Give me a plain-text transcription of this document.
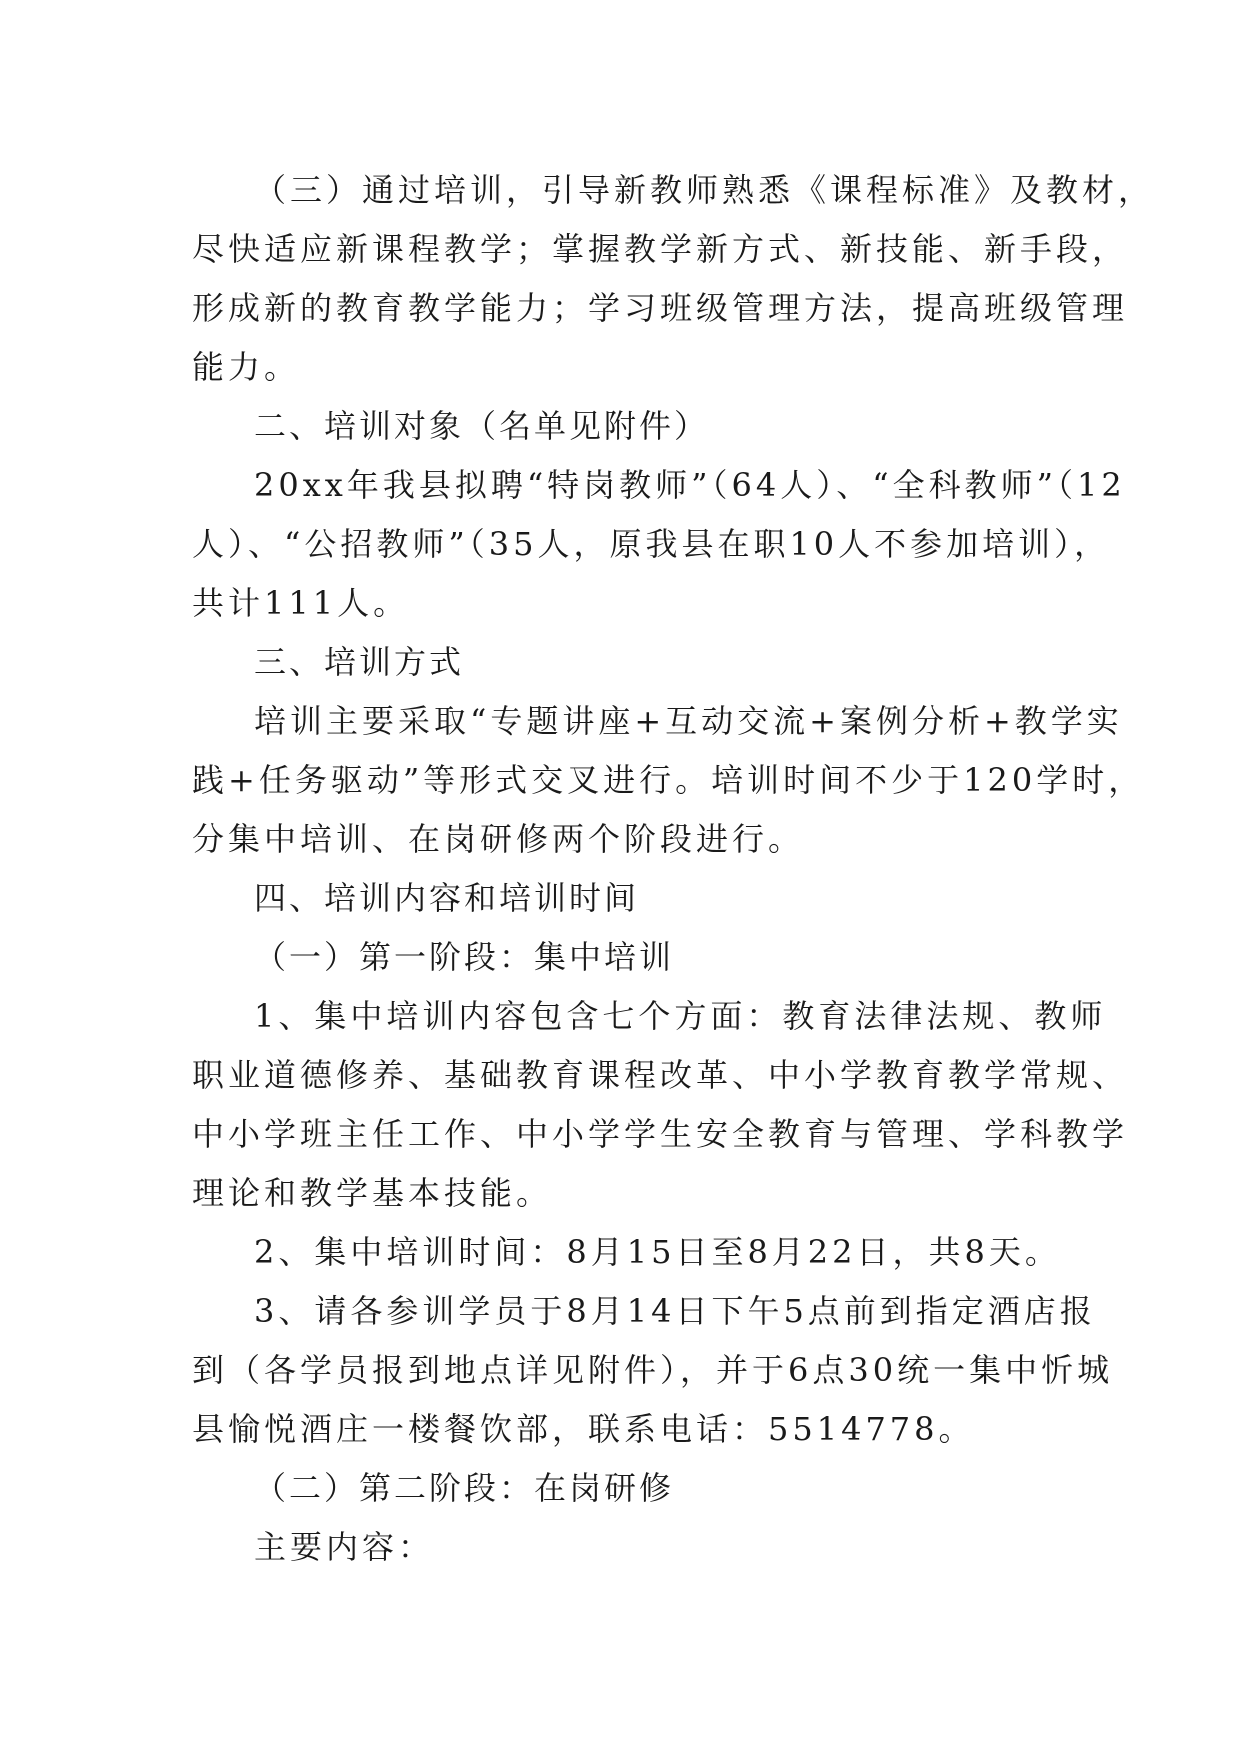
（三）通过培训，引导新教师熟悉《课程标准》及教材，
尽快适应新课程教学；掌握教学新方式、新技能、新手段，
形成新的教育教学能力；学习班级管理方法，提高班级管理
能力。
二、培训对象（名单见附件）
20xx年我县拟聘“特岗教师”（64人）、“全科教师”（12
人）、“公招教师”（35人，原我县在职10人不参加培训），
共计111人。
三、培训方式
培训主要采取“专题讲座+互动交流+案例分析+教学实
践+任务驱动”等形式交叉进行。培训时间不少于120学时，
分集中培训、在岗研修两个阶段进行。
四、培训内容和培训时间
（一）第一阶段：集中培训
1、集中培训内容包含七个方面：教育法律法规、教师
职业道德修养、基础教育课程改革、中小学教育教学常规、
中小学班主任工作、中小学学生安全教育与管理、学科教学
理论和教学基本技能。
2、集中培训时间：8月15日至8月22日，共8天。
3、请各参训学员于8月14日下午5点前到指定酒店报
到（各学员报到地点详见附件），并于6点30统一集中忻城
县愉悦酒庄一楼餐饮部，联系电话：5514778。
（二）第二阶段：在岗研修
主要内容：
